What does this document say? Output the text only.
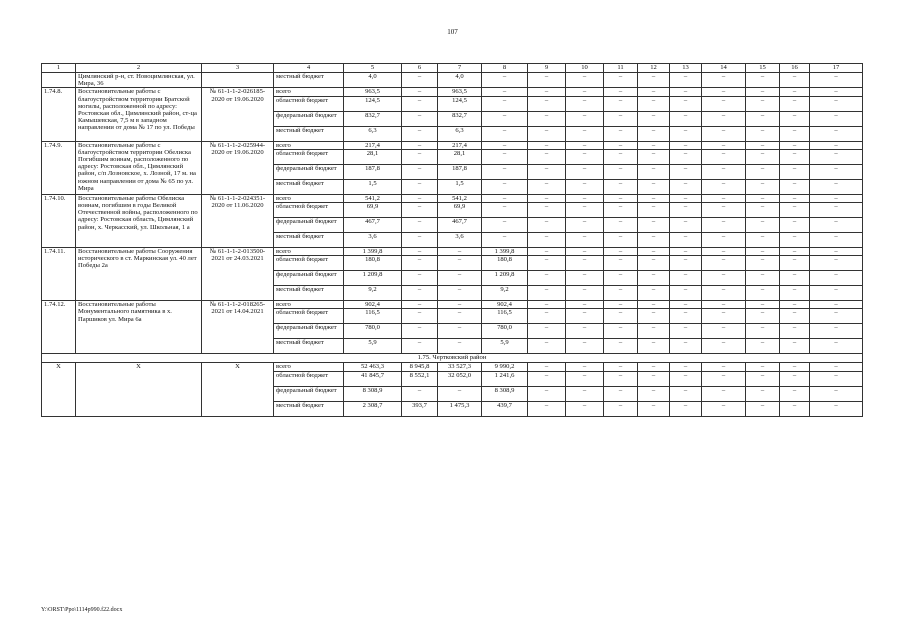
107
1	2	3	4	5	6	7	8	9	10	11	12	13	14	15	16	17
	Цимлянский р-н, ст. Новоцимлянская, ул. Мира, 36		местный бюджет	4,0	–	4,0	–	–	–	–	–	–	–	–	–	–
1.74.8.	Восстановительные работы с благоустройством территории Братской могилы, расположенной по адресу: Ростовская обл., Цимлянский район, ст-ца Камышевская, 7,5 м в западном направлении от дома № 17 по ул. Победы	№ 61-1-1-2-026185-2020 от 19.06.2020	всего	963,5	–	963,5	–	–	–	–	–	–	–	–	–	–
			областной бюджет	124,5	–	124,5	–	–	–	–	–	–	–	–	–	–
			федеральный бюджет	832,7	–	832,7	–	–	–	–	–	–	–	–	–	–
			местный бюджет	6,3	–	6,3	–	–	–	–	–	–	–	–	–	–
1.74.9.	Восстановительные работы с благоустройством территории Обелиска Погибшим воинам, расположенного по адресу: Ростовская обл., Цимлянский район, с/п Лозновское, х. Лозной, 17 м. на южном направлении от дома № 65 по ул. Мира	№ 61-1-1-2-025944-2020 от 19.06.2020	всего	217,4	–	217,4	–	–	–	–	–	–	–	–	–	–
			областной бюджет	28,1	–	28,1	–	–	–	–	–	–	–	–	–	–
			федеральный бюджет	187,8	–	187,8	–	–	–	–	–	–	–	–	–	–
			местный бюджет	1,5	–	1,5	–	–	–	–	–	–	–	–	–	–
1.74.10.	Восстановительные работы Обелиска воинам, погибшим в годы Великой Отечественной войны, расположенного по адресу: Ростовская область, Цимлянский район, х. Черкасский, ул. Школьная, 1 а	№ 61-1-1-2-024351-2020 от 11.06.2020	всего	541,2	–	541,2	–	–	–	–	–	–	–	–	–	–
			областной бюджет	69,9	–	69,9	–	–	–	–	–	–	–	–	–	–
			федеральный бюджет	467,7	–	467,7	–	–	–	–	–	–	–	–	–	–
			местный бюджет	3,6	–	3,6	–	–	–	–	–	–	–	–	–	–
1.74.11.	Восстановительные работы Сооружения исторического в ст. Маркинская ул. 40 лет Победы 2а	№ 61-1-1-2-013500-2021 от 24.03.2021	всего	1 399,8	–	–	1 399,8	–	–	–	–	–	–	–	–	–
			областной бюджет	180,8	–	–	180,8	–	–	–	–	–	–	–	–	–
			федеральный бюджет	1 209,8	–	–	1 209,8	–	–	–	–	–	–	–	–	–
			местный бюджет	9,2	–	–	9,2	–	–	–	–	–	–	–	–	–
1.74.12.	Восстановительные работы Монументального памятника в х. Паршиков ул. Мира 6а	№ 61-1-1-2-018265-2021 от 14.04.2021	всего	902,4	–	–	902,4	–	–	–	–	–	–	–	–	–
			областной бюджет	116,5	–	–	116,5	–	–	–	–	–	–	–	–	–
			федеральный бюджет	780,0	–	–	780,0	–	–	–	–	–	–	–	–	–
			местный бюджет	5,9	–	–	5,9	–	–	–	–	–	–	–	–	–
1.75. Чертковский район																
Х	Х	Х	всего	52 463,3	8 945,8	33 527,3	9 990,2	–	–	–	–	–	–	–	–	–
			областной бюджет	41 845,7	8 552,1	32 052,0	1 241,6	–	–	–	–	–	–	–	–	–
			федеральный бюджет	8 308,9	–	–	8 308,9	–	–	–	–	–	–	–	–	–
			местный бюджет	2 308,7	393,7	1 475,3	439,7	–	–	–	–	–	–	–	–	–
Y:\ORST\Ppo\1114p990.f22.docx
